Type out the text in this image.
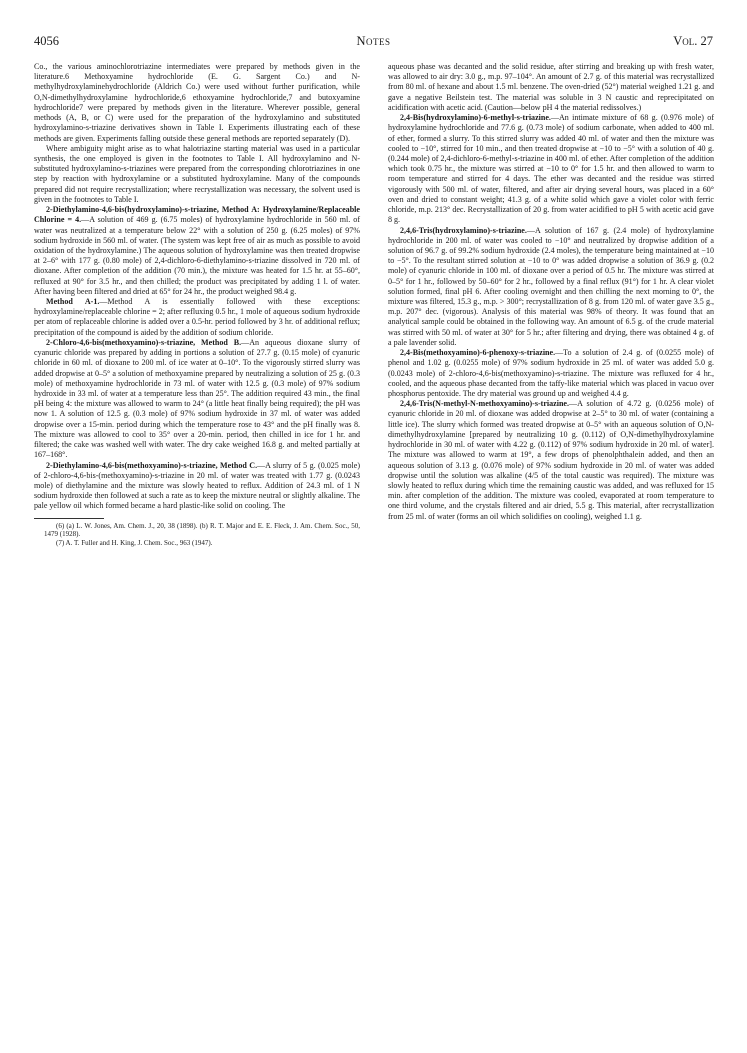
4056	Notes	Vol. 27

Co., the various aminochlorotriazine intermediates were prepared by methods given in the literature.6 Methoxyamine hydrochloride (E. G. Sargent Co.) and N-methylhydroxylaminehydrochloride (Aldrich Co.) were used without further purification, while O,N-dimethylhydroxylamine hydrochloride,6 ethoxyamine hydrochloride,7 and butoxyamine hydrochloride7 were prepared by methods given in the literature. Wherever possible, general methods (A, B, or C) were used for the preparation of the hydroxylamino and substituted hydroxylamino-s-triazine derivatives shown in Table I. Experiments illustrating each of these methods are given. Experiments falling outside these general methods are reported separately (D).

Where ambiguity might arise as to what halotriazine starting material was used in a particular synthesis, the one employed is given in the footnotes to Table I. All hydroxylamino and N-substituted hydroxylamino-s-triazines were prepared from the corresponding chlorotriazines in one step by reaction with hydroxylamine or a substituted hydroxylamine. Many of the compounds prepared did not require recrystallization; where recrystallization was necessary, the solvent used is given in the footnotes to Table I.

2-Diethylamino-4,6-bis(hydroxylamino)-s-triazine, Method A: Hydroxylamine/Replaceable Chlorine = 4.—A solution of 469 g. (6.75 moles) of hydroxylamine hydrochloride in 560 ml. of water was neutralized at a temperature below 22° with a solution of 250 g. (6.25 moles) of 97% sodium hydroxide in 560 ml. of water. (The system was kept free of air as much as possible to avoid oxidation of the hydroxylamine.) The aqueous solution of hydroxylamine was then treated dropwise at 2–6° with 177 g. (0.80 mole) of 2,4-dichloro-6-diethylamino-s-triazine dissolved in 720 ml. of dioxane. After completion of the addition (70 min.), the mixture was heated for 1.5 hr. at 55–60°, refluxed at 90° for 3.5 hr., and then chilled; the product was precipitated by adding 1 l. of water. After having been filtered and dried at 65° for 24 hr., the product weighed 98.4 g.

Method A-1.—Method A is essentially followed with these exceptions: hydroxylamine/replaceable chlorine = 2; after refluxing 0.5 hr., 1 mole of aqueous sodium hydroxide per atom of replaceable chlorine is added over a 0.5-hr. period followed by 3 hr. of additional reflux; precipitation of the compound is aided by the addition of sodium chloride.

2-Chloro-4,6-bis(methoxyamino)-s-triazine, Method B.—An aqueous dioxane slurry of cyanuric chloride was prepared by adding in portions a solution of 27.7 g. (0.15 mole) of cyanuric chloride in 60 ml. of dioxane to 200 ml. of ice water at 0–10°. To the vigorously stirred slurry was added dropwise at 0–5° a solution of methoxyamine prepared by neutralizing a solution of 25 g. (0.3 mole) of methoxyamine hydrochloride in 73 ml. of water with 12.5 g. (0.3 mole) of 97% sodium hydroxide in 33 ml. of water at a temperature less than 25°. The addition required 43 min., the final pH being 4: the mixture was allowed to warm to 24° (a little heat finally being required); the pH was now 1. A solution of 12.5 g. (0.3 mole) of 97% sodium hydroxide in 37 ml. of water was added dropwise over a 15-min. period during which the temperature rose to 43° and the pH finally was 8. The mixture was allowed to cool to 35° over a 20-min. period, then chilled in ice for 1 hr. and filtered; the cake was washed well with water. The dry cake weighed 16.8 g. and melted partially at 167–168°.

2-Diethylamino-4,6-bis(methoxyamino)-s-triazine, Method C.—A slurry of 5 g. (0.025 mole) of 2-chloro-4,6-bis-(methoxyamino)-s-triazine in 20 ml. of water was treated with 1.77 g. (0.0243 mole) of diethylamine and the mixture was slowly heated to reflux. Addition of 24.3 ml. of 1 N sodium hydroxide then followed at such a rate as to keep the mixture neutral or slightly alkaline. The pale yellow oil which formed became a hard plastic-like solid on cooling. The

(6) (a) L. W. Jones, Am. Chem. J., 20, 38 (1898). (b) R. T. Major and E. E. Fleck, J. Am. Chem. Soc., 50, 1479 (1928).

(7) A. T. Fuller and H. King, J. Chem. Soc., 963 (1947).

aqueous phase was decanted and the solid residue, after stirring and breaking up with fresh water, was allowed to air dry: 3.0 g., m.p. 97–104°. An amount of 2.7 g. of this material was recrystallized from 80 ml. of hexane and about 1.5 ml. benzene. The oven-dried (52°) material weighed 1.21 g. and gave a negative Beilstein test. The material was soluble in 3 N caustic and reprecipitated on acidification with acetic acid. (Caution—below pH 4 the material redissolves.)

2,4-Bis(hydroxylamino)-6-methyl-s-triazine.—An intimate mixture of 68 g. (0.976 mole) of hydroxylamine hydrochloride and 77.6 g. (0.73 mole) of sodium carbonate, when added to 400 ml. of ether, formed a slurry. To this stirred slurry was added 40 ml. of water and then the mixture was cooled to −10°, stirred for 10 min., and then treated dropwise at −10 to −5° with a solution of 40 g. (0.244 mole) of 2,4-dichloro-6-methyl-s-triazine in 400 ml. of ether. After completion of the addition which took 0.75 hr., the mixture was stirred at −10 to 0° for 1.5 hr. and then allowed to warm to room temperature and stirred for 4 days. The ether was decanted and the residue was stirred vigorously with 500 ml. of water, filtered, and after air drying several hours, was placed in a 60° oven and dried to constant weight; 41.3 g. of a white solid which gave a violet color with ferric chloride, m.p. 213° dec. Recrystallization of 20 g. from water acidified to pH 5 with acetic acid gave 8 g.

2,4,6-Tris(hydroxylamino)-s-triazine.—A solution of 167 g. (2.4 mole) of hydroxylamine hydrochloride in 200 ml. of water was cooled to −10° and neutralized by dropwise addition of a solution of 96.7 g. of 99.2% sodium hydroxide (2.4 moles), the temperature being maintained at −10 to −5°. To the resultant stirred solution at −10 to 0° was added dropwise a solution of 36.9 g. (0.2 mole) of cyanuric chloride in 100 ml. of dioxane over a period of 0.5 hr. The mixture was stirred at 0–5° for 1 hr., followed by 50–60° for 2 hr., followed by a final reflux (91°) for 1 hr. A clear violet solution formed, final pH 6. After cooling overnight and then chilling the next morning to 0°, the mixture was filtered, 15.3 g., m.p. > 300°; recrystallization of 8 g. from 120 ml. of water gave 3.5 g., m.p. 207° dec. (vigorous). Analysis of this material was 98% of theory. It was found that an analytical sample could be obtained in the following way. An amount of 6.5 g. of the crude material was stirred with 50 ml. of water at 30° for 5 hr.; after filtering and drying, there was obtained 4 g. of a pale lavender solid.

2,4-Bis(methoxyamino)-6-phenoxy-s-triazine.—To a solution of 2.4 g. of (0.0255 mole) of phenol and 1.02 g. (0.0255 mole) of 97% sodium hydroxide in 25 ml. of water was added 5.0 g. (0.0243 mole) of 2-chloro-4,6-bis(methoxyamino)-s-triazine. The mixture was refluxed for 4 hr., cooled, and the aqueous phase decanted from the taffy-like material which was placed in vacuo over phosphorus pentoxide. The dry material was ground up and weighed 4.4 g.

2,4,6-Tris(N-methyl-N-methoxyamino)-s-triazine.—A solution of 4.72 g. (0.0256 mole) of cyanuric chloride in 20 ml. of dioxane was added dropwise at 2–5° to 30 ml. of water (containing a little ice). The slurry which formed was treated dropwise at 0–5° with an aqueous solution of O,N-dimethylhydroxylamine [prepared by neutralizing 10 g. (0.112) of O,N-dimethylhydroxylamine hydrochloride in 30 ml. of water with 4.22 g. (0.112) of 97% sodium hydroxide in 20 ml. of water]. The mixture was allowed to warm at 19°, a few drops of phenolphthalein added, and then an aqueous solution of 3.13 g. (0.076 mole) of 97% sodium hydroxide in 20 ml. of water was added dropwise until the solution was alkaline (4/5 of the total caustic was required). The mixture was slowly heated to reflux during which time the remaining caustic was added, and was refluxed for 15 min. after completion of the addition. The mixture was cooled, evaporated at room temperature to one third volume, and the crystals filtered and air dried, 5.5 g. This material, after recrystallization from 25 ml. of water (forms an oil which solidifies on cooling), weighed 1.1 g.
